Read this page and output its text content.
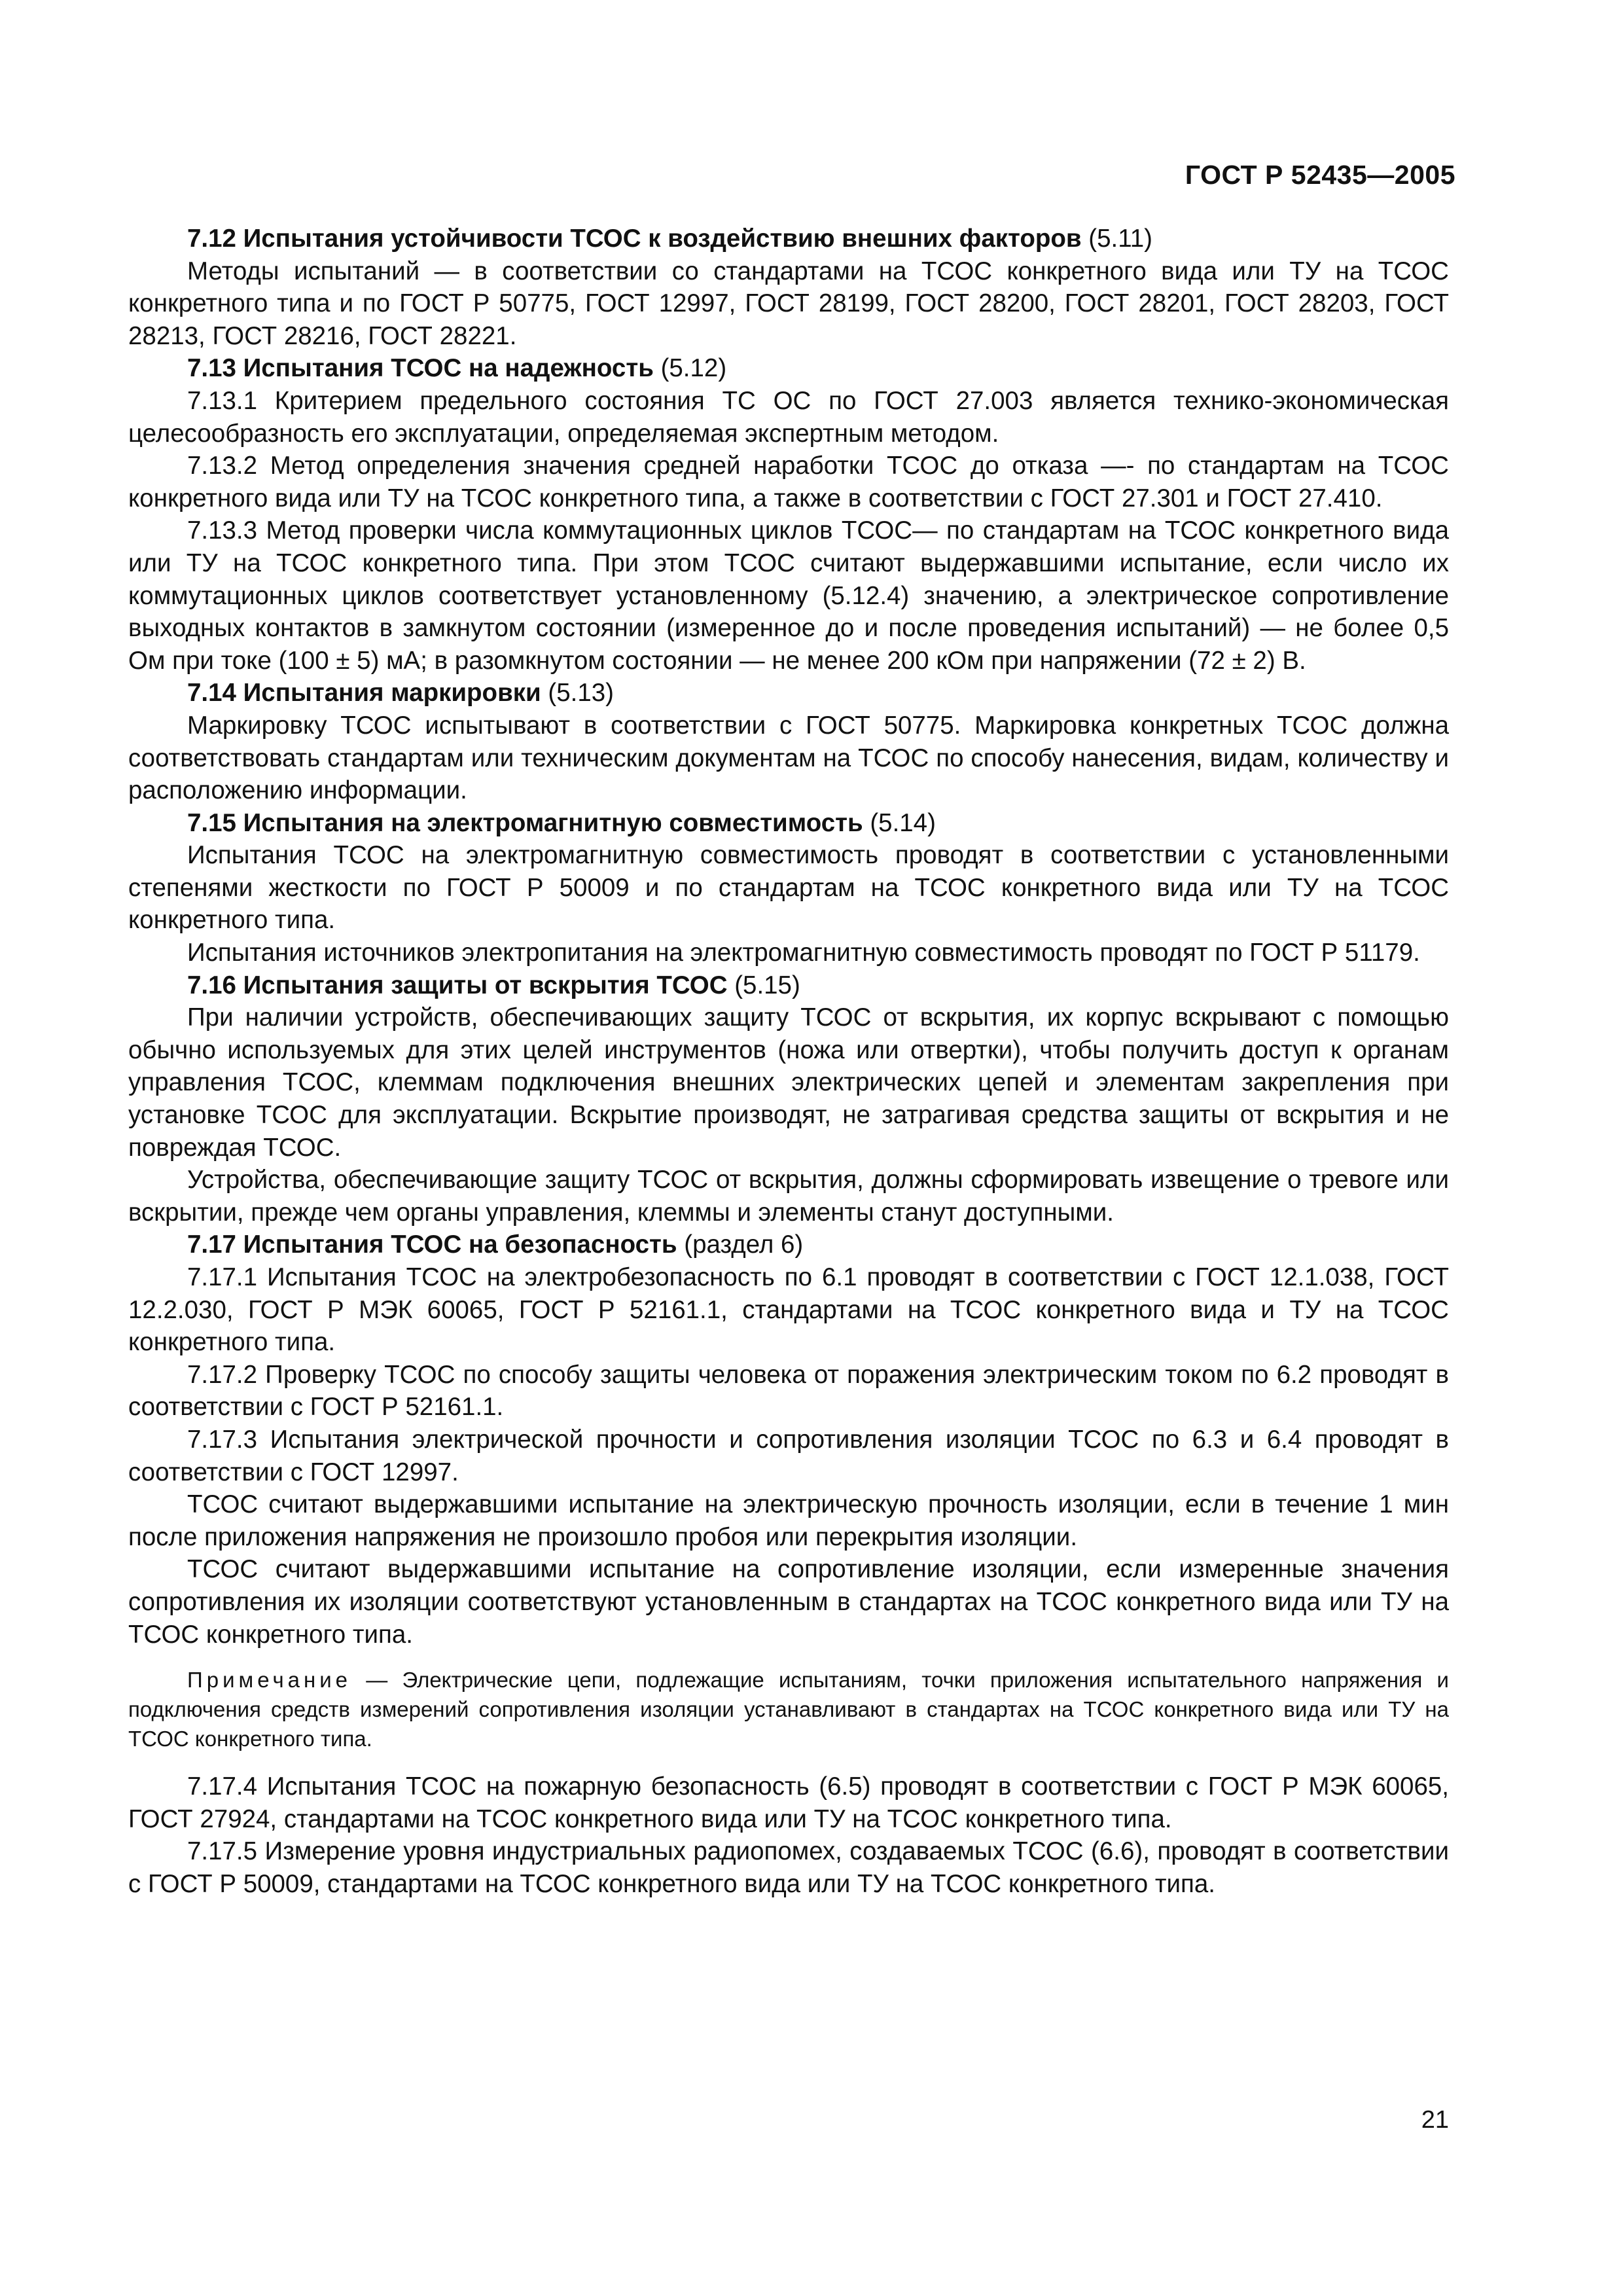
ГОСТ Р 52435—2005

7.12 Испытания устойчивости ТСОС к воздействию внешних факторов (5.11)

Методы испытаний — в соответствии со стандартами на ТСОС конкретного вида или ТУ на ТСОС конкретного типа и по ГОСТ Р 50775, ГОСТ 12997, ГОСТ 28199, ГОСТ 28200, ГОСТ 28201, ГОСТ 28203, ГОСТ 28213, ГОСТ 28216, ГОСТ 28221.

7.13 Испытания ТСОС на надежность (5.12)

7.13.1 Критерием предельного состояния ТС ОС по ГОСТ 27.003 является технико-экономическая целесообразность его эксплуатации, определяемая экспертным методом.

7.13.2 Метод определения значения средней наработки ТСОС до отказа —- по стандартам на ТСОС конкретного вида или ТУ на ТСОС конкретного типа, а также в соответствии с ГОСТ 27.301 и ГОСТ 27.410.

7.13.3 Метод проверки числа коммутационных циклов ТСОС— по стандартам на ТСОС конкретного вида или ТУ на ТСОС конкретного типа. При этом ТСОС считают выдержавшими испытание, если число их коммутационных циклов соответствует установленному (5.12.4) значению, а электрическое сопротивление выходных контактов в замкнутом состоянии (измеренное до и после проведения испытаний) — не более 0,5 Ом при токе (100 ± 5) мА; в разомкнутом состоянии — не менее 200 кОм при напряжении (72 ± 2) В.

7.14 Испытания маркировки (5.13)

Маркировку ТСОС испытывают в соответствии с ГОСТ 50775. Маркировка конкретных ТСОС должна соответствовать стандартам или техническим документам на ТСОС по способу нанесения, видам, количеству и расположению информации.

7.15 Испытания на электромагнитную совместимость (5.14)

Испытания ТСОС на электромагнитную совместимость проводят в соответствии с установленными степенями жесткости по ГОСТ Р 50009 и по стандартам на ТСОС конкретного вида или ТУ на ТСОС конкретного типа.

Испытания источников электропитания на электромагнитную совместимость проводят по ГОСТ Р 51179.

7.16 Испытания защиты от вскрытия ТСОС (5.15)

При наличии устройств, обеспечивающих защиту ТСОС от вскрытия, их корпус вскрывают с помощью обычно используемых для этих целей инструментов (ножа или отвертки), чтобы получить доступ к органам управления ТСОС, клеммам подключения внешних электрических цепей и элементам закрепления при установке ТСОС для эксплуатации. Вскрытие производят, не затрагивая средства защиты от вскрытия и не повреждая ТСОС.

Устройства, обеспечивающие защиту ТСОС от вскрытия, должны сформировать извещение о тревоге или вскрытии, прежде чем органы управления, клеммы и элементы станут доступными.

7.17 Испытания ТСОС на безопасность (раздел 6)

7.17.1 Испытания ТСОС на электробезопасность по 6.1 проводят в соответствии с ГОСТ 12.1.038, ГОСТ 12.2.030, ГОСТ Р МЭК 60065, ГОСТ Р 52161.1, стандартами на ТСОС конкретного вида и ТУ на ТСОС конкретного типа.

7.17.2 Проверку ТСОС по способу защиты человека от поражения электрическим током по 6.2 проводят в соответствии с ГОСТ Р 52161.1.

7.17.3 Испытания электрической прочности и сопротивления изоляции ТСОС по 6.3 и 6.4 проводят в соответствии с ГОСТ 12997.

ТСОС считают выдержавшими испытание на электрическую прочность изоляции, если в течение 1 мин после приложения напряжения не произошло пробоя или перекрытия изоляции.

ТСОС считают выдержавшими испытание на сопротивление изоляции, если измеренные значения сопротивления их изоляции соответствуют установленным в стандартах на ТСОС конкретного вида или ТУ на ТСОС конкретного типа.

Примечание — Электрические цепи, подлежащие испытаниям, точки приложения испытательного напряжения и подключения средств измерений сопротивления изоляции устанавливают в стандартах на ТСОС конкретного вида или ТУ на ТСОС конкретного типа.

7.17.4 Испытания ТСОС на пожарную безопасность (6.5) проводят в соответствии с ГОСТ Р МЭК 60065, ГОСТ 27924, стандартами на ТСОС конкретного вида или ТУ на ТСОС конкретного типа.

7.17.5 Измерение уровня индустриальных радиопомех, создаваемых ТСОС (6.6), проводят в соответствии с ГОСТ Р 50009, стандартами на ТСОС конкретного вида или ТУ на ТСОС конкретного типа.

21
